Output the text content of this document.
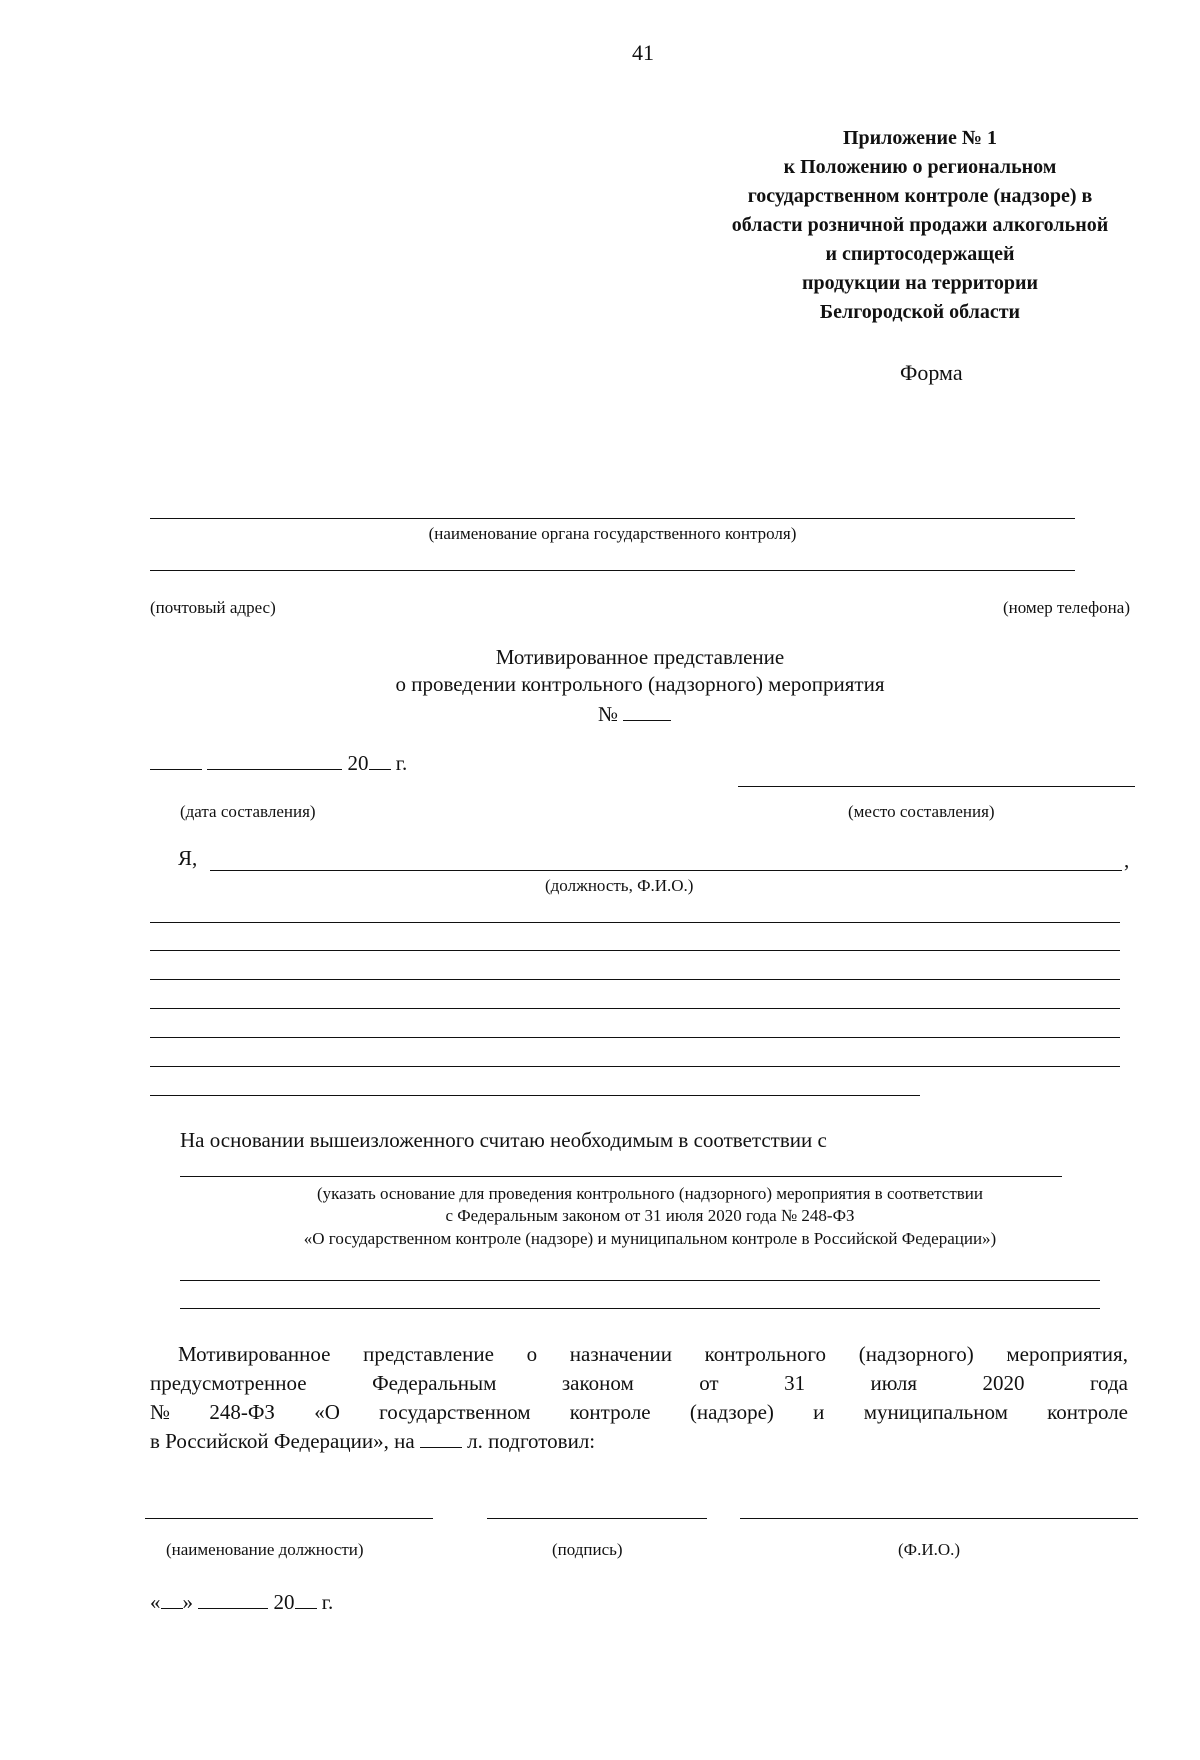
41
Приложение № 1
к Положению о региональном
государственном контроле (надзоре) в
области розничной продажи алкогольной
и спиртосодержащей
продукции на территории
Белгородской области
Форма
(наименование органа государственного контроля)
(почтовый адрес)	(номер телефона)
Мотивированное представление
о проведении контрольного (надзорного) мероприятия
№
20 г.
(дата составления)	(место составления)
Я,	,
(должность, Ф.И.О.)
На основании вышеизложенного считаю необходимым в соответствии с
(указать основание для проведения контрольного (надзорного) мероприятия в соответствии
с Федеральным законом от 31 июля 2020 года № 248-ФЗ
«О государственном контроле (надзоре) и муниципальном контроле в Российской Федерации»)
Мотивированное представление о назначении контрольного (надзорного) мероприятия,
предусмотренное	Федеральным	законом	от	31	июля	2020	года
№ 248-ФЗ «О государственном контроле (надзоре) и муниципальном контроле
в Российской Федерации», на	л. подготовил:
(наименование должности)	(подпись)	(Ф.И.О.)
« »	20 г.
